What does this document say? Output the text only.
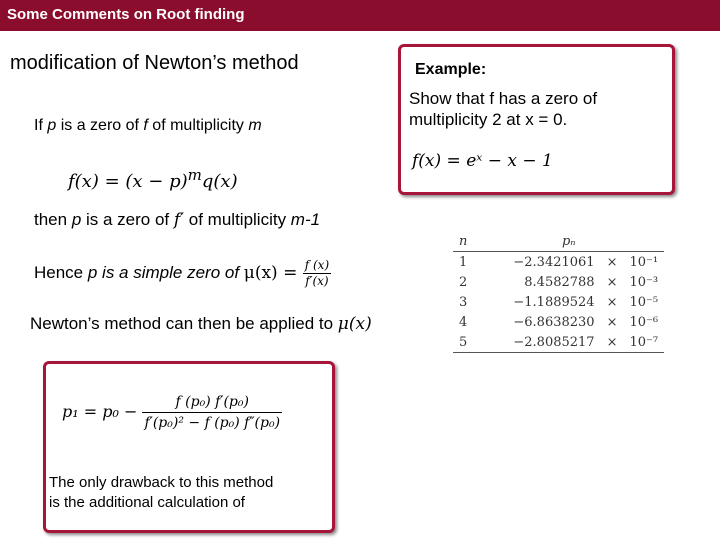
Some Comments on Root finding
modification of Newton’s method
If p is a zero of f of multiplicity m
$f(x) = (x - p)^mq(x)$
then p is a zero of f′ of multiplicity m-1
Hence p is a simple zero of $\mu(x) = \frac{f (x)}{f'(x)}$
Newton’s method can then be applied to μ(x)
$p_1 = p_0 - \frac{\text{f (p₀) f′(p₀)}}{\text{f′(p₀)² − f (p₀) f″(p₀)}}$
The only drawback to this method
is the additional calculation of
Example:
Show that f has a zero of
multiplicity 2 at x = 0.
f(x) = eˣ − x − 1
n	pₙ		
1	−2.3421061	×	10⁻¹
2	8.4582788	×	10⁻³
3	−1.1889524	×	10⁻⁵
4	−6.8638230	×	10⁻⁶
5	−2.8085217	×	10⁻⁷
